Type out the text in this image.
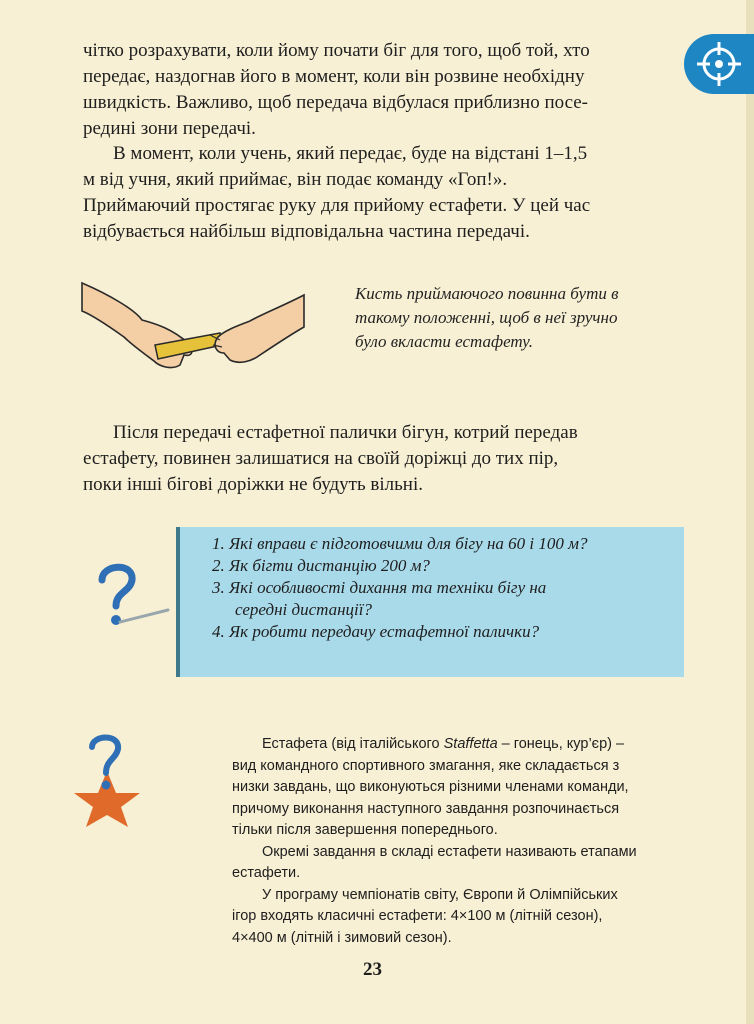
чітко розрахувати, коли йому почати біг для того, щоб той, хто
передає, наздогнав його в момент, коли він розвине необхідну
швидкість. Важливо, щоб передача відбулася приблизно посе-
редині зони передачі.

В момент, коли учень, який передає, буде на відстані 1–1,5
м від учня, який приймає, він подає команду «Гоп!».
Приймаючий простягає руку для прийому естафети. У цей час
відбувається найбільш відповідальна частина передачі.

Кисть приймаючого повинна бути в
такому положенні, щоб в неї зручно
було вкласти естафету.

Після передачі естафетної палички бігун, котрий передав
естафету, повинен залишатися на своїй доріжці до тих пір,
поки інші бігові доріжки не будуть вільні.

1. Які вправи є підготовчими для бігу на 60 і 100 м?
2. Як бігти дистанцію 200 м?
3. Які особливості дихання та техніки бігу на
середні дистанції?
4. Як робити передачу естафетної палички?
Естафета (від італійського Staffetta – гонець, кур’єр) –
вид командного спортивного змагання, яке складається з
низки завдань, що виконуються різними членами команди,
причому виконання наступного завдання розпочинається
тільки після завершення попереднього.
Окремі завдання в складі естафети називають етапами
естафети.
У програму чемпіонатів світу, Європи й Олімпійських
ігор входять класичні естафети: 4×100 м (літній сезон),
4×400 м (літній і зимовий сезон).
23
